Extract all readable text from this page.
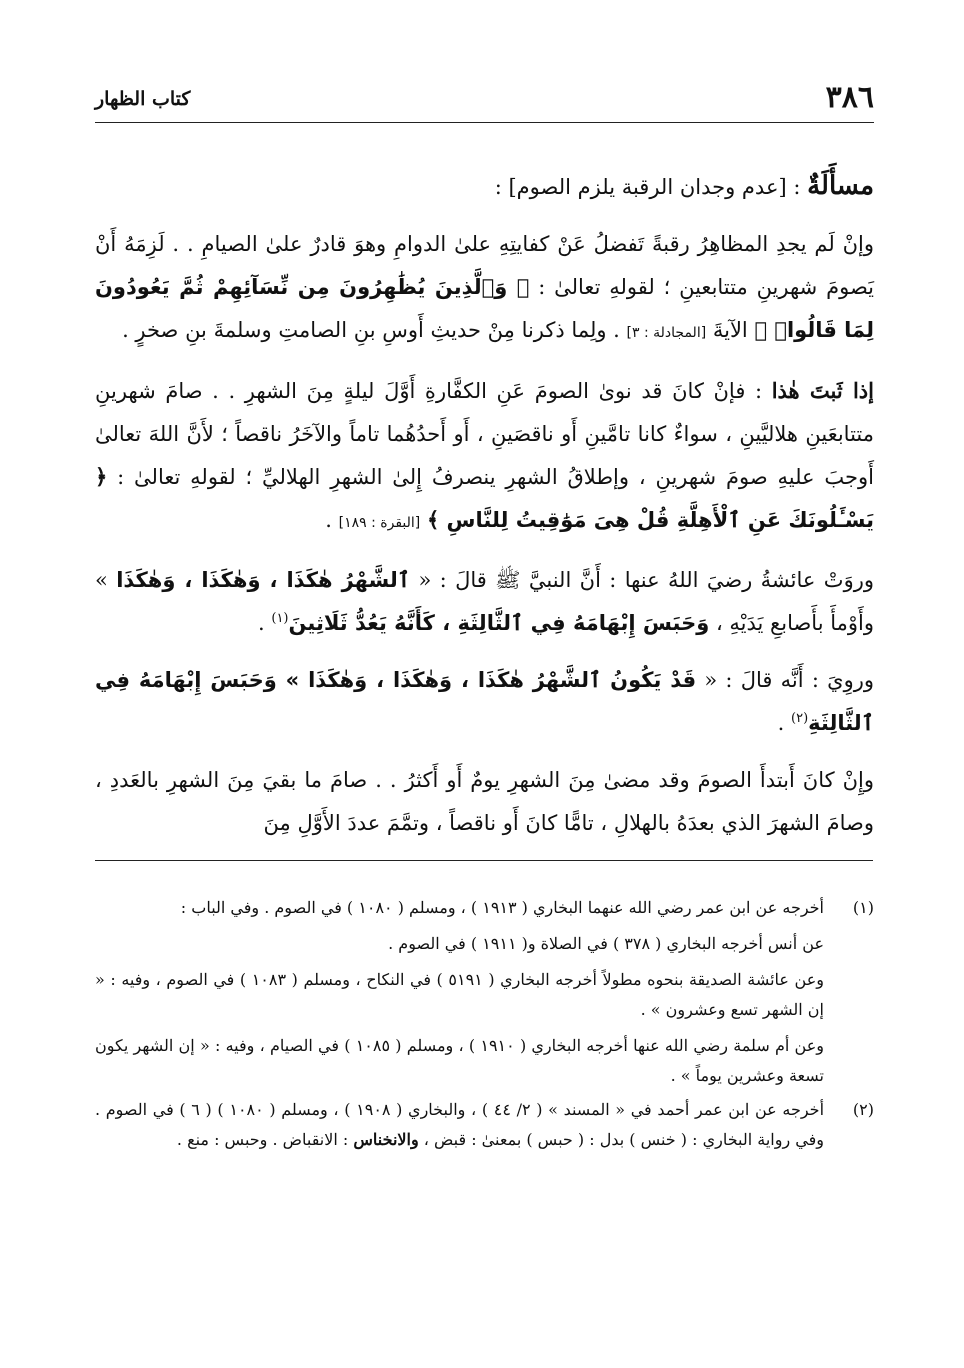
٣٨٦
كتاب الظهار

مسأَلَةٌ : [عدم وجدان الرقبة يلزم الصوم] :

وإنْ لَم يجدِ المظاهِرُ رقبةً تَفضلُ عَنْ كفايتِهِ علىٰ الدوامِ وهوَ قادرٌ علىٰ الصيامِ . . لَزِمَهُ أَنْ يَصومَ شهرينِ متتابعينِ ؛ لقولهِ تعالىٰ : ﴿ وَٱلَّذِينَ يُظَٰهِرُونَ مِن نِّسَآئِهِمْ ثُمَّ يَعُودُونَ لِمَا قَالُوا۟ ﴾ الآيةَ [المجادلة : ٣] . ولِما ذكرنا مِنْ حديثِ أَوسِ بنِ الصامتِ وسلمةَ بنِ صخرٍ .

إذا ثَبتَ هٰذا : فإنْ كانَ قد نوىٰ الصومَ عَنِ الكفَّارةِ أَوَّلَ ليلةٍ مِنَ الشهرِ . . صامَ شهرينِ متتابعَينِ هلاليَّينِ ، سواءٌ كانا تامَّينِ أَو ناقصَينِ ، أَو أَحدُهُما تاماً والآخَرُ ناقصاً ؛ لأَنَّ اللهَ تعالىٰ أَوجبَ عليهِ صومَ شهرينِ ، وإطلاقُ الشهرِ ينصرفُ إِلىٰ الشهرِ الهلاليِّ ؛ لقولهِ تعالىٰ : ﴿ يَسْـَٔلُونَكَ عَنِ ٱلْأَهِلَّةِ قُلْ هِىَ مَوَٰقِيتُ لِلنَّاسِ ﴾ [البقرة : ١٨٩] .

وروَتْ عائشةُ رضيَ اللهُ عنها : أَنَّ النبيَّ ﷺ قالَ : « ٱلشَّهْرُ هٰكَذَا ، وَهٰكَذَا ، وَهٰكَذَا » وأَوْمأَ بأَصابعِ يَدَيْهِ ، وَحَبَسَ إِبْهَامَهُ فِي ٱلثَّالِثَةِ ، كَأَنَّهُ يَعُدُّ ثَلَاثِينَ$^{(١)}$ .

وروِيَ : أَنَّه قالَ : « قَدْ يَكُونُ ٱلشَّهْرُ هٰكَذَا ، وَهٰكَذَا ، وَهٰكَذَا » وَحَبَسَ إِبْهَامَهُ فِي ٱلثَّالِثَةِ$^{(٢)}$ .

وإِنْ كانَ أَبتدأَ الصومَ وقد مضىٰ مِنَ الشهرِ يومٌ أَو أَكثرُ . . صامَ ما بقيَ مِنَ الشهرِ بالعَددِ ، وصامَ الشهرَ الذي بعدَهُ بالهلالِ ، تامًّا كانَ أَو ناقصاً ، وتمَّمَ عددَ الأَوَّلِ مِنَ

(١)
أخرجه عن ابن عمر رضي الله عنهما البخاري ( ١٩١٣ ) ، ومسلم ( ١٠٨٠ ) في الصوم . وفي الباب :
عن أنس أخرجه البخاري ( ٣٧٨ ) في الصلاة و( ١٩١١ ) في الصوم .
وعن عائشة الصديقة بنحوه مطولاً أخرجه البخاري ( ٥١٩١ ) في النكاح ، ومسلم ( ١٠٨٣ ) في الصوم ، وفيه : « إن الشهر تسع وعشرون » .
وعن أم سلمة رضي الله عنها أخرجه البخاري ( ١٩١٠ ) ، ومسلم ( ١٠٨٥ ) في الصيام ، وفيه : « إن الشهر يكون تسعة وعشرين يوماً » .
(٢)
أخرجه عن ابن عمر أحمد في « المسند » ( ٢/ ٤٤ ) ، والبخاري ( ١٩٠٨ ) ، ومسلم ( ١٠٨٠ ) ( ٦ ) في الصوم . وفي رواية البخاري : ( خنس ) بدل : ( حبس ) بمعنىٰ : قبض ، والانخناس : الانقباض . وحبس : منع .
